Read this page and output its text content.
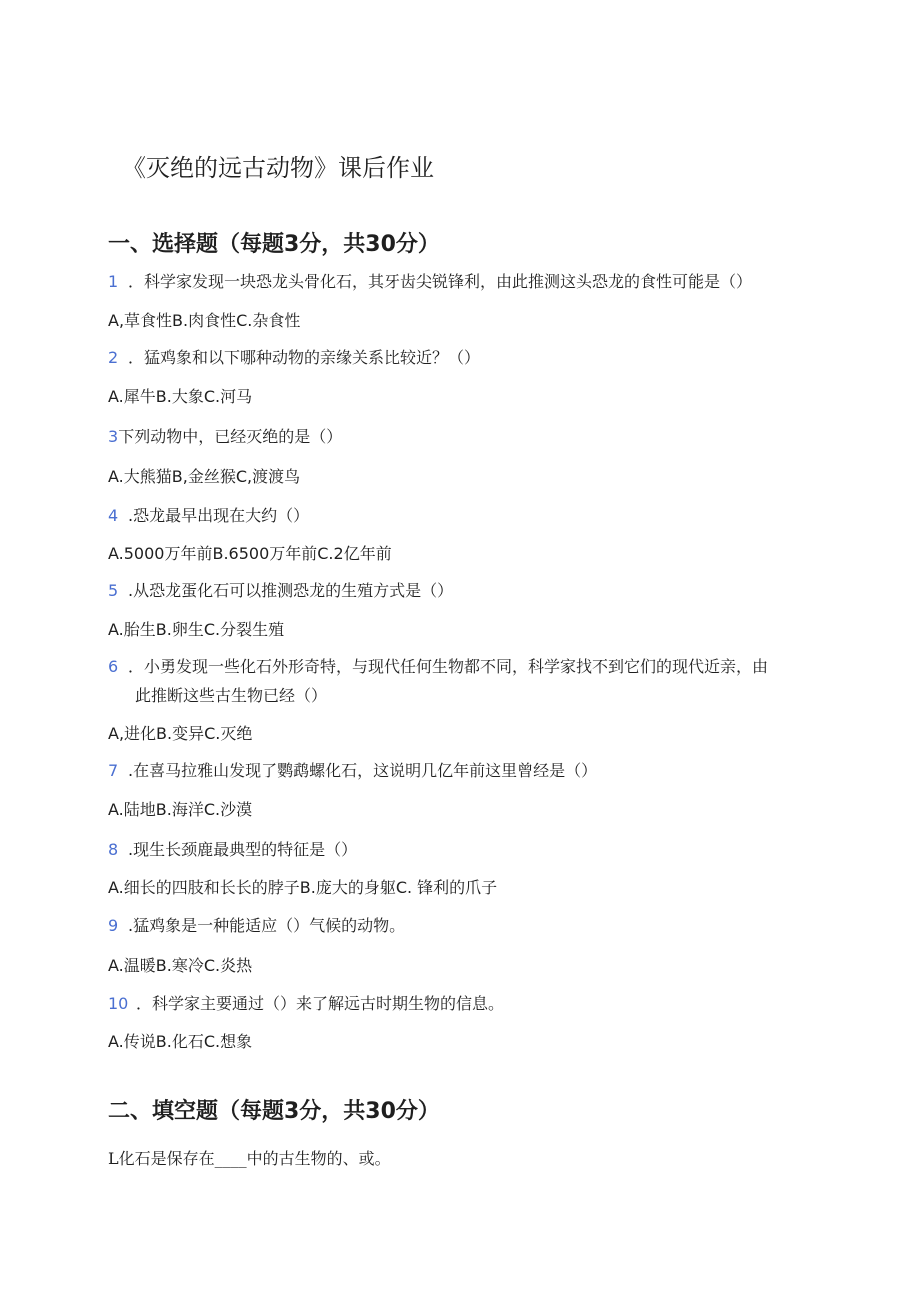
《灭绝的远古动物》课后作业
一、选择题（每题3分，共30分）
1 ．科学家发现一块恐龙头骨化石，其牙齿尖锐锋利，由此推测这头恐龙的食性可能是（）
A,草食性B.肉食性C.杂食性
2 ．猛鸡象和以下哪种动物的亲缘关系比较近？（）
A.犀牛B.大象C.河马
3下列动物中，已经灭绝的是（）
A.大熊猫B,金丝猴C,渡渡鸟
4 .恐龙最早出现在大约（）
A.5000万年前B.6500万年前C.2亿年前
5 .从恐龙蛋化石可以推测恐龙的生殖方式是（）
A.胎生B.卵生C.分裂生殖
6 ．小勇发现一些化石外形奇特，与现代任何生物都不同，科学家找不到它们的现代近亲，由
此推断这些古生物已经（）
A,进化B.变异C.灭绝
7 .在喜马拉雅山发现了鹦鹉螺化石，这说明几亿年前这里曾经是（）
A.陆地B.海洋C.沙漠
8 .现生长颈鹿最典型的特征是（）
A.细长的四肢和长长的脖子B.庞大的身躯C. 锋利的爪子
9 .猛鸡象是一种能适应（）气候的动物。
A.温暖B.寒冷C.炎热
10 ．科学家主要通过（）来了解远古时期生物的信息。
A.传说B.化石C.想象
二、填空题（每题3分，共30分）
L化石是保存在____中的古生物的、或。
